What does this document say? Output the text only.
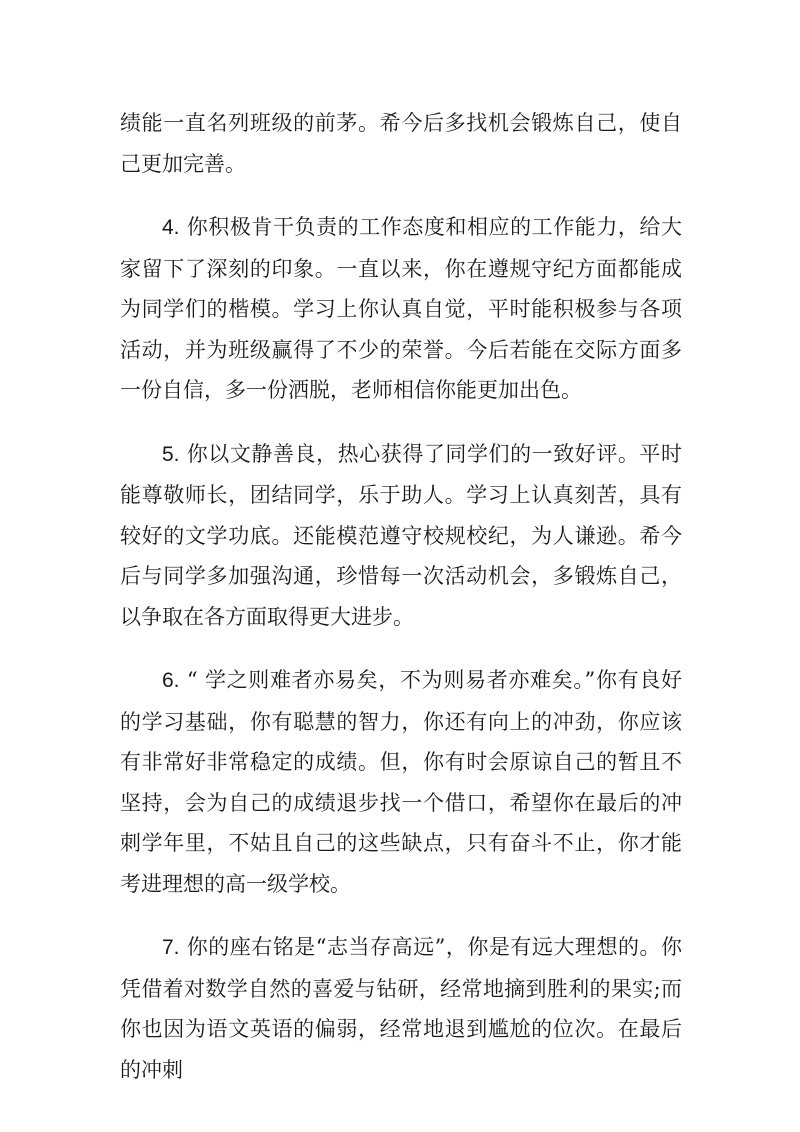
绩能一直名列班级的前茅。希今后多找机会锻炼自己，使自己更加完善。

4. 你积极肯干负责的工作态度和相应的工作能力，给大家留下了深刻的印象。一直以来，你在遵规守纪方面都能成为同学们的楷模。学习上你认真自觉，平时能积极参与各项活动，并为班级赢得了不少的荣誉。今后若能在交际方面多一份自信，多一份洒脱，老师相信你能更加出色。

5. 你以文静善良，热心获得了同学们的一致好评。平时能尊敬师长，团结同学，乐于助人。学习上认真刻苦，具有较好的文学功底。还能模范遵守校规校纪，为人谦逊。希今后与同学多加强沟通，珍惜每一次活动机会，多锻炼自己，以争取在各方面取得更大进步。

6. “ 学之则难者亦易矣，不为则易者亦难矣。”你有良好的学习基础，你有聪慧的智力，你还有向上的冲劲，你应该有非常好非常稳定的成绩。但，你有时会原谅自己的暂且不坚持，会为自己的成绩退步找一个借口，希望你在最后的冲刺学年里，不姑且自己的这些缺点，只有奋斗不止，你才能考进理想的高一级学校。

7. 你的座右铭是“志当存高远”，你是有远大理想的。你凭借着对数学自然的喜爱与钻研，经常地摘到胜利的果实;而你也因为语文英语的偏弱，经常地退到尴尬的位次。在最后的冲刺
